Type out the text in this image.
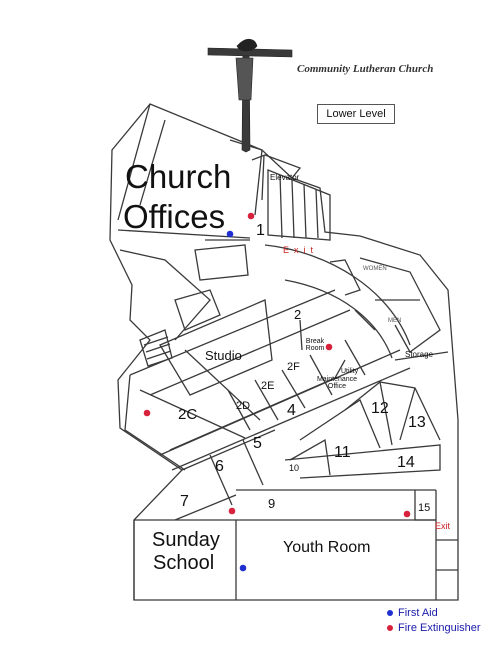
Community Lutheran Church
Lower Level
Church
Offices
Elevator
1
Exit
WOMEN
MEN
2
Break Room
Storage
Studio
2F	Utility
Maintenance Office
2E
2D
2C	4	12
13
5
11
14
6	10
7	9	15
Exit
Sunday
School
Youth Room
First Aid
Fire Extinguisher
